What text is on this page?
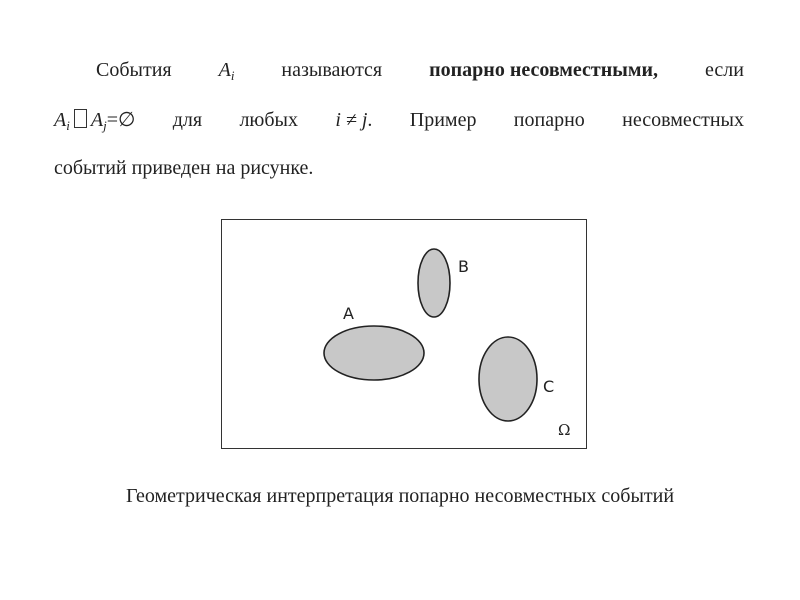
События $A_i$ называются попарно несовместными, если
$A_i$ $A_j=\emptyset$ для любых i ≠ j. Пример попарно несовместных
событий приведен на рисунке.
A
B
C
Ω
Геометрическая интерпретация попарно несовместных событий
